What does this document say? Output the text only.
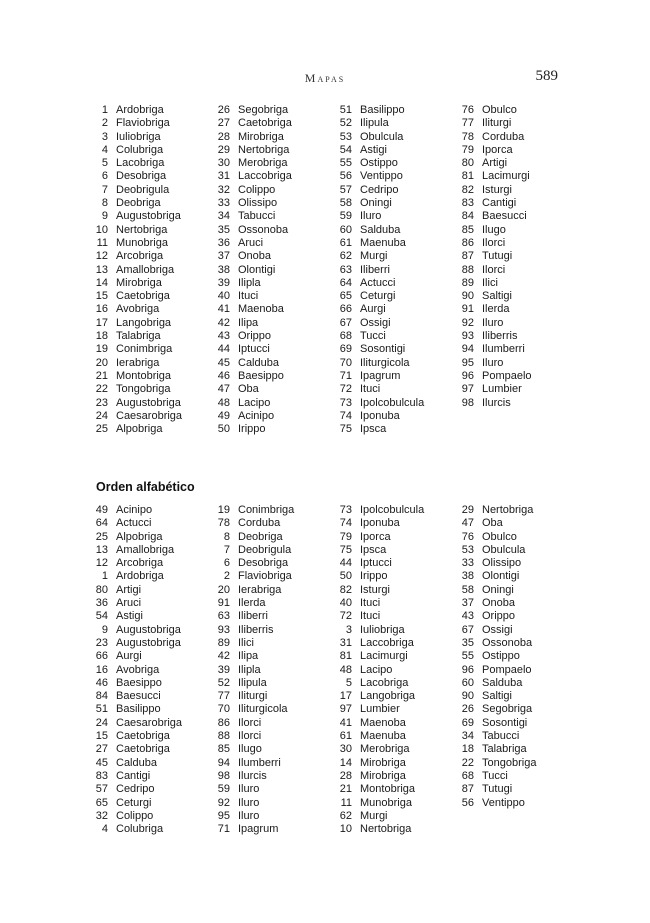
Mapas	589
1 Ardobriga
2 Flaviobriga
3 Iuliobriga
4 Colubriga
5 Lacobriga
6 Desobriga
7 Deobrigula
8 Deobriga
9 Augustobriga
10 Nertobriga
11 Munobriga
12 Arcobriga
13 Amallobriga
14 Mirobriga
15 Caetobriga
16 Avobriga
17 Langobriga
18 Talabriga
19 Conimbriga
20 Ierabriga
21 Montobriga
22 Tongobriga
23 Augustobriga
24 Caesarobriga
25 Alpobriga
26 Segobriga
27 Caetobriga
28 Mirobriga
29 Nertobriga
30 Merobriga
31 Laccobriga
32 Colippo
33 Olissipo
34 Tabucci
35 Ossonoba
36 Aruci
37 Onoba
38 Olontigi
39 Ilipla
40 Ituci
41 Maenoba
42 Ilipa
43 Orippo
44 Iptucci
45 Calduba
46 Baesippo
47 Oba
48 Lacipo
49 Acinipo
50 Irippo
51 Basilippo
52 Ilipula
53 Obulcula
54 Astigi
55 Ostippo
56 Ventippo
57 Cedripo
58 Oningi
59 Iluro
60 Salduba
61 Maenuba
62 Murgi
63 Iliberri
64 Actucci
65 Ceturgi
66 Aurgi
67 Ossigi
68 Tucci
69 Sosontigi
70 Iliturgicola
71 Ipagrum
72 Ituci
73 Ipolcobulcula
74 Iponuba
75 Ipsca
76 Obulco
77 Iliturgi
78 Corduba
79 Iporca
80 Artigi
81 Lacimurgi
82 Isturgi
83 Cantigi
84 Baesucci
85 Ilugo
86 Ilorci
87 Tutugi
88 Ilorci
89 Ilici
90 Saltigi
91 Ilerda
92 Iluro
93 Iliberris
94 Ilumberri
95 Iluro
96 Pompaelo
97 Lumbier
98 Ilurcis
Orden alfabético
49 Acinipo
64 Actucci
25 Alpobriga
13 Amallobriga
12 Arcobriga
1 Ardobriga
80 Artigi
36 Aruci
54 Astigi
9 Augustobriga
23 Augustobriga
66 Aurgi
16 Avobriga
46 Baesippo
84 Baesucci
51 Basilippo
24 Caesarobriga
15 Caetobriga
27 Caetobriga
45 Calduba
83 Cantigi
57 Cedripo
65 Ceturgi
32 Colippo
4 Colubriga
19 Conimbriga
78 Corduba
8 Deobriga
7 Deobrigula
6 Desobriga
2 Flaviobriga
20 Ierabriga
91 Ilerda
63 Iliberri
93 Iliberris
89 Ilici
42 Ilipa
39 Ilipla
52 Ilipula
77 Iliturgi
70 Iliturgicola
86 Ilorci
88 Ilorci
85 Ilugo
94 Ilumberri
98 Ilurcis
59 Iluro
92 Iluro
95 Iluro
71 Ipagrum
73 Ipolcobulcula
74 Iponuba
79 Iporca
75 Ipsca
44 Iptucci
50 Irippo
82 Isturgi
40 Ituci
72 Ituci
3 Iuliobriga
31 Laccobriga
81 Lacimurgi
48 Lacipo
5 Lacobriga
17 Langobriga
97 Lumbier
41 Maenoba
61 Maenuba
30 Merobriga
14 Mirobriga
28 Mirobriga
21 Montobriga
11 Munobriga
62 Murgi
10 Nertobriga
29 Nertobriga
47 Oba
76 Obulco
53 Obulcula
33 Olissipo
38 Olontigi
58 Oningi
37 Onoba
43 Orippo
67 Ossigi
35 Ossonoba
55 Ostippo
96 Pompaelo
60 Salduba
90 Saltigi
26 Segobriga
69 Sosontigi
34 Tabucci
18 Talabriga
22 Tongobriga
68 Tucci
87 Tutugi
56 Ventippo
